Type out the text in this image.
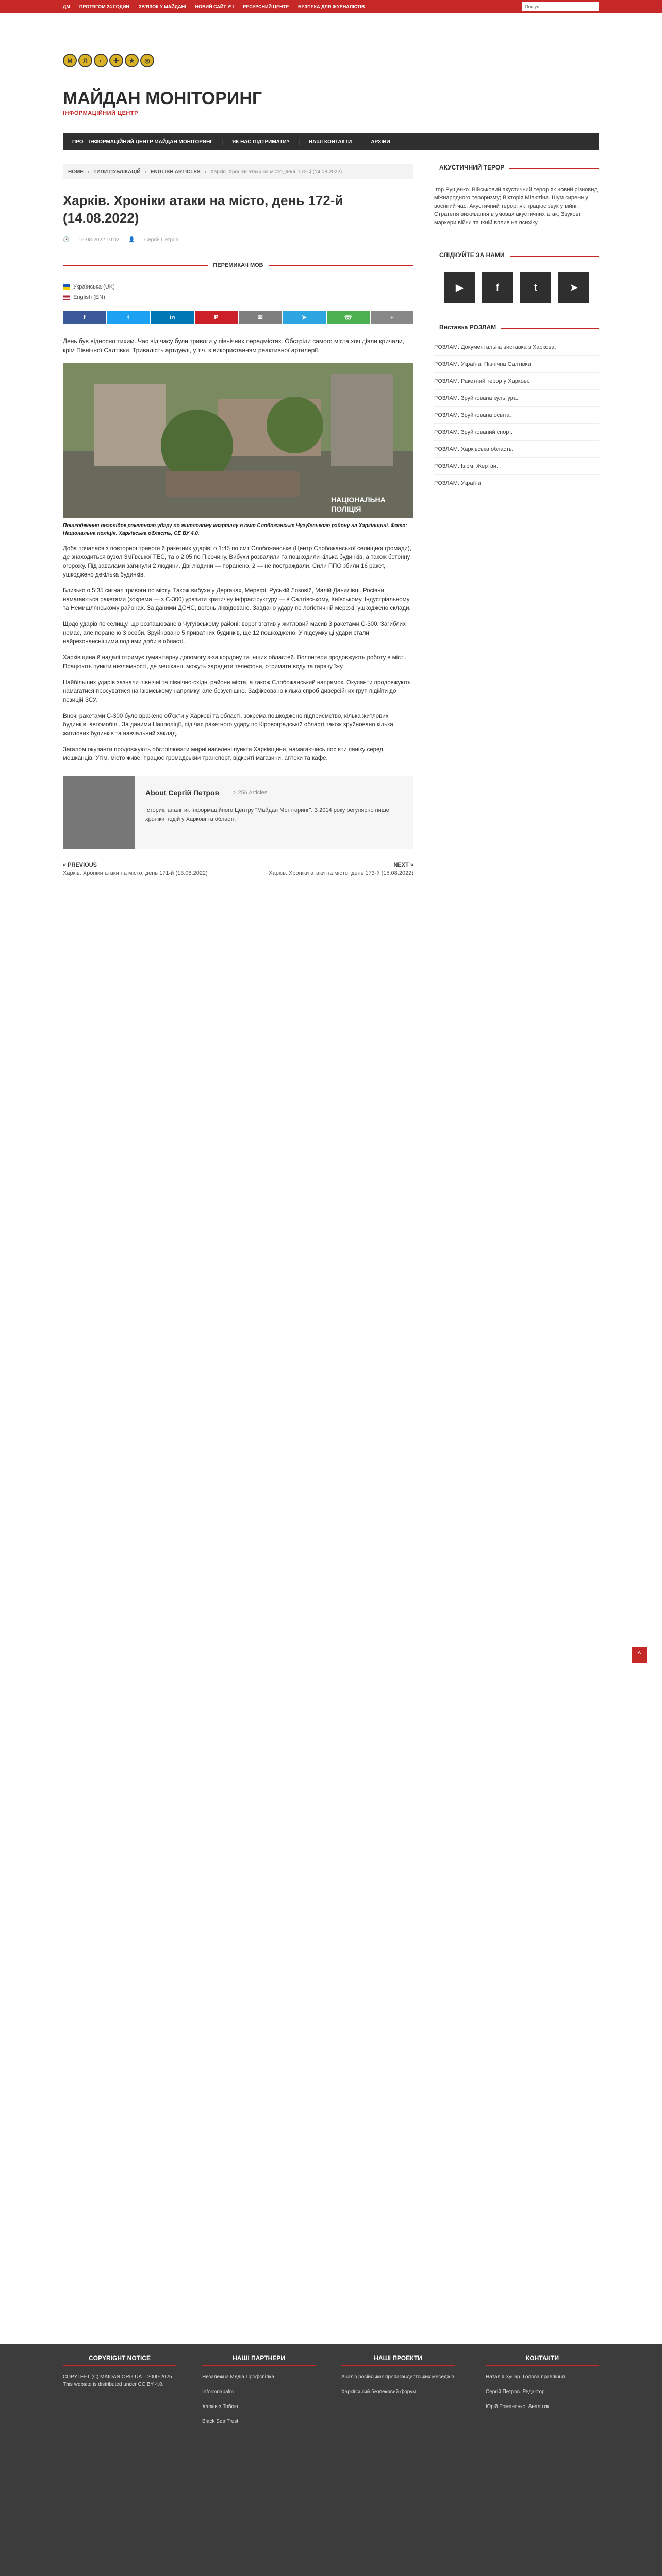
ДМ ПРОТЯГОМ 24 ГОДИН ЗВ'ЯЗОК У МАЙДАНІ НОВИЙ САЙТ УЧ РЕСУРСНИЙ ЦЕНТР БЕЗПЕКА ДЛЯ ЖУРНАЛІСТІВ
Пошук
М	Л	◐	✚	★	◎
МАЙДАН МОНІТОРИНГ
ІНФОРМАЦІЙНИЙ ЦЕНТР
ПРО – ІНФОРМАЦІЙНИЙ ЦЕНТР МАЙДАН МОНІТОРИНГ	ЯК НАС ПІДТРИМАТИ?	НАШІ КОНТАКТИ	АРХІВИ
HOME › ТИПИ ПУБЛІКАЦІЙ › ENGLISH ARTICLES › Харків. Хроніки атаки на місто, день 172-й (14.08.2022)
Харків. Хроніки атаки на місто, день 172-й (14.08.2022)
🕒 15-08-2022 10:02 👤 Сергій Петров
ПЕРЕМИКАЧ МОВ
Українська (UK)
English (EN)
f	t	in	P	✉	➤	☏	+

День був відносно тихим. Час від часу були тривоги у північних передмістях. Обстріли самого міста хоч діяли кричали, крім Північної Салтівки. Тривалість артдуелі, у т.ч. з використанням реактивної артилерії.

НАЦІОНАЛЬНА
ПОЛІЦІЯ

Пошкодження внаслідок ракетного удару по житловому кварталу в смт Слобожанське Чугуївського району на Харківщині. Фото: Національна поліція. Харківська область, СЕ ВУ 4.0.

Доба почалася з повторної тривоги й ракетних ударів: о 1:45 по смт Слобожанське (Центр Слобожанської селищної громади), де знаходиться вузол Зміївської ТЕС, та о 2:05 по Пісочину. Вибухи розвалили та пошкодили кілька будинків, а також бетонну огорожу. Під завалами загинули 2 людини. Дві людини — поранено, 2 — не постраждали. Сили ППО збили 16 ракет, ушкоджено декілька будинків.

Близько о 5:35 сигнал тривоги по місту. Також вибухи у Дергачах, Мерефі, Руській Лозовій, Малій Данилівці. Росіяни намагаються ракетами (зокрема — з С-300) уразити критичну інфраструктуру — в Салтівському, Київському, Індустріальному та Немишлянському районах. За даними ДСНС, вогонь ліквідовано. Завдано удару по логістичній мережі, ушкоджено склади.

Щодо ударів по селищу, що розташоване в Чугуївському районі: ворог вгатив у житловий масив 3 ракетами С-300. Загиблих немає, але поранено 3 особи. Зруйновано 5 приватних будинків, ще 12 пошкоджено. У підсумку ці удари стали найрезонанснішими подіями доби в області.

Харківщина й надалі отримує гуманітарну допомогу з-за кордону та інших областей. Волонтери продовжують роботу в місті. Працюють пункти незламності, де мешканці можуть зарядити телефони, отримати воду та гарячу їжу.

Найбільших ударів зазнали північні та північно-східні райони міста, а також Слобожанський напрямок. Окупанти продовжують намагатися просуватися на Ізюмському напрямку, але безуспішно. Зафіксовано кілька спроб диверсійних груп підійти до позицій ЗСУ.

Вночі ракетами С-300 було вражено об'єкти у Харкові та області, зокрема пошкоджено підприємство, кілька житлових будинків, автомобілі. За даними Нацполіції, під час ракетного удару по Кіровоградській області також зруйновано кілька житлових будинків та навчальний заклад.

Загалом окупанти продовжують обстрілювати мирні населені пункти Харківщини, намагаючись посіяти паніку серед мешканців. Утім, місто живе: працює громадський транспорт, відкриті магазини, аптеки та кафе.

About Сергій Петров > 256 Articles
Історик, аналітик Інформаційного Центру "Майдан Моніторинг". З 2014 року регулярно пише хроніки подій у Харкові та області.
« PREVIOUS
Харків. Хроніки атаки на місто, день 171-й (13.08.2022)
NEXT »
Харків. Хроніки атаки на місто, день 173-й (15.08.2022)
АКУСТИЧНИЙ ТЕРОР

Ігор Рущенко. Військовий акустичний терор як новий різновид міжнародного тероризму; Вікторія Мілютіна. Шум сирени у воєнний час; Акустичний терор: як працює звук у війні; Стратегія виживання в умовах акустичних атак; Звукові маркери війни та їхній вплив на психіку.

СЛІДКУЙТЕ ЗА НАМИ
▶	f	t	➤
Виставка РОЗЛАМ
РОЗЛАМ. Документальна виставка з Харкова.
РОЗЛАМ. Україна: Північна Салтівка
РОЗЛАМ. Ракетний терор у Харкові.
РОЗЛАМ. Зруйнована культура.
РОЗЛАМ. Зруйнована освіта.
РОЗЛАМ. Зруйнований спорт.
РОЗЛАМ. Харківська область.
РОЗЛАМ. Ізюм. Жертви.
РОЗЛАМ. Україна
^
COPYRIGHT NOTICE

COPYLEFT (C) MAIDAN.ORG.UA – 2000-2025. This website is distributed under CC BY 4.0.

НАШІ ПАРТНЕРИ

Незалежна Медіа Профспілка

Informnapalm

Харків з Тобою

Black Sea Trust

НАШІ ПРОЕКТИ

Аналіз російських пропагандистських меседжів

Харківський безпековий форум

КОНТАКТИ

Наталія Зубар. Голова правління

Сергій Петров. Редактор

Юрій Романенко. Аналітик
